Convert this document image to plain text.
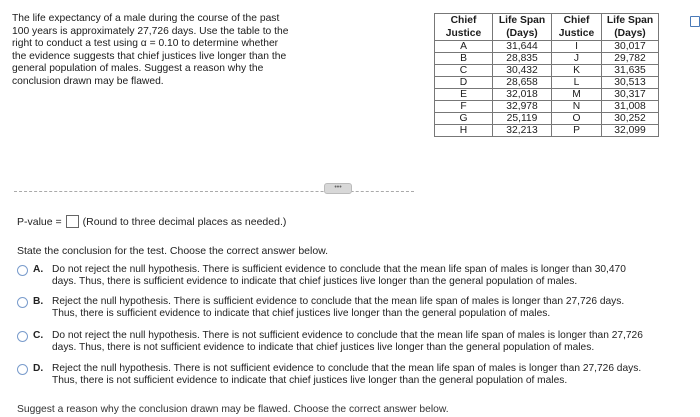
The life expectancy of a male during the course of the past
100 years is approximately 27,726 days. Use the table to the
right to conduct a test using α = 0.10 to determine whether
the evidence suggests that chief justices live longer than the
general population of males. Suggest a reason why the
conclusion drawn may be flawed.
Chief Justice	Life Span (Days)	Chief Justice	Life Span (Days)
A	31,644	I	30,017
B	28,835	J	29,782
C	30,432	K	31,635
D	28,658	L	30,513
E	32,018	M	30,317
F	32,978	N	31,008
G	25,119	O	30,252
H	32,213	P	32,099
•••
P-value = (Round to three decimal places as needed.)
State the conclusion for the test. Choose the correct answer below.
A. Do not reject the null hypothesis. There is sufficient evidence to conclude that the mean life span of males is longer than 30,470
days. Thus, there is sufficient evidence to indicate that chief justices live longer than the general population of males.
B. Reject the null hypothesis. There is sufficient evidence to conclude that the mean life span of males is longer than 27,726 days.
Thus, there is sufficient evidence to indicate that chief justices live longer than the general population of males.
C. Do not reject the null hypothesis. There is not sufficient evidence to conclude that the mean life span of males is longer than 27,726
days. Thus, there is not sufficient evidence to indicate that chief justices live longer than the general population of males.
D. Reject the null hypothesis. There is not sufficient evidence to conclude that the mean life span of males is longer than 27,726 days.
Thus, there is not sufficient evidence to indicate that chief justices live longer than the general population of males.
Suggest a reason why the conclusion drawn may be flawed. Choose the correct answer below.
